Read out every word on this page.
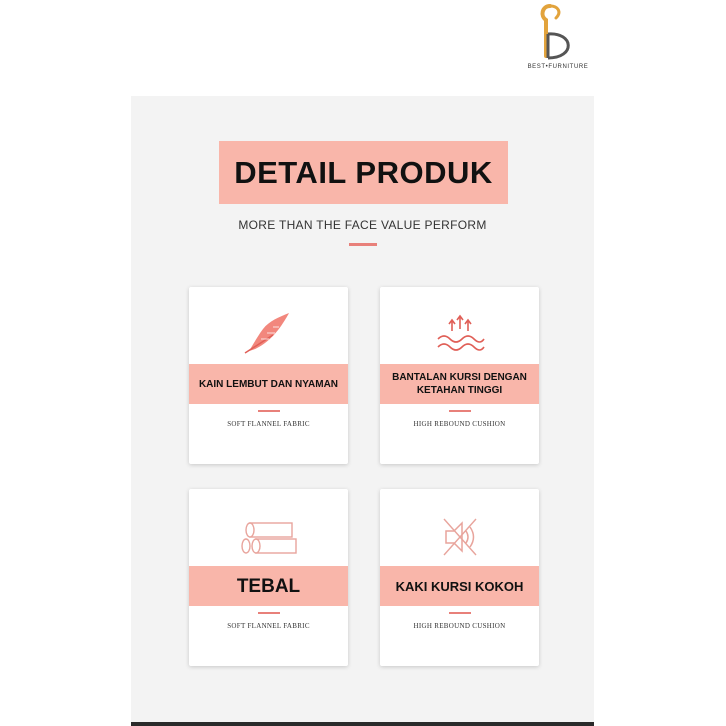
BEST•FURNITURE
DETAIL PRODUK
MORE THAN THE FACE VALUE PERFORM
KAIN LEMBUT DAN NYAMAN
SOFT FLANNEL FABRIC
BANTALAN KURSI DENGAN KETAHAN TINGGI
HIGH REBOUND CUSHION
TEBAL
SOFT FLANNEL FABRIC
KAKI KURSI KOKOH
HIGH REBOUND CUSHION
